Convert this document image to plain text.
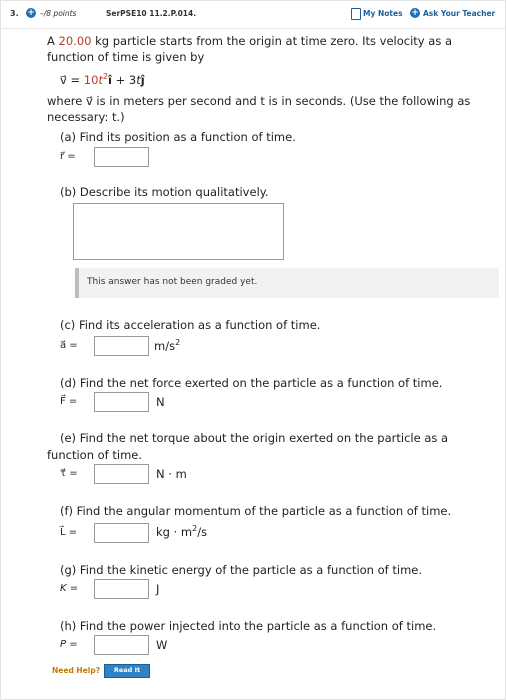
3. + –/8 points	SerPSE10 11.2.P.014.	My Notes + Ask Your Teacher
A 20.00 kg particle starts from the origin at time zero. Its velocity as a
function of time is given by
v⃗ = $10t^2î$ + 3tĵ
where v⃗ is in meters per second and t is in seconds. (Use the following as
necessary: t.)
(a) Find its position as a function of time.
r⃗ =
(b) Describe its motion qualitatively.
This answer has not been graded yet.
(c) Find its acceleration as a function of time.
a⃗ =	$m/s^2$
(d) Find the net force exerted on the particle as a function of time.
F⃗ =	N
(e) Find the net torque about the origin exerted on the particle as a
function of time.
τ⃗ =	N · m
(f) Find the angular momentum of the particle as a function of time.
L⃗ =	kg · $m^2/s$
(g) Find the kinetic energy of the particle as a function of time.
K =	J
(h) Find the power injected into the particle as a function of time.
P =	W
Need Help?	Read It
